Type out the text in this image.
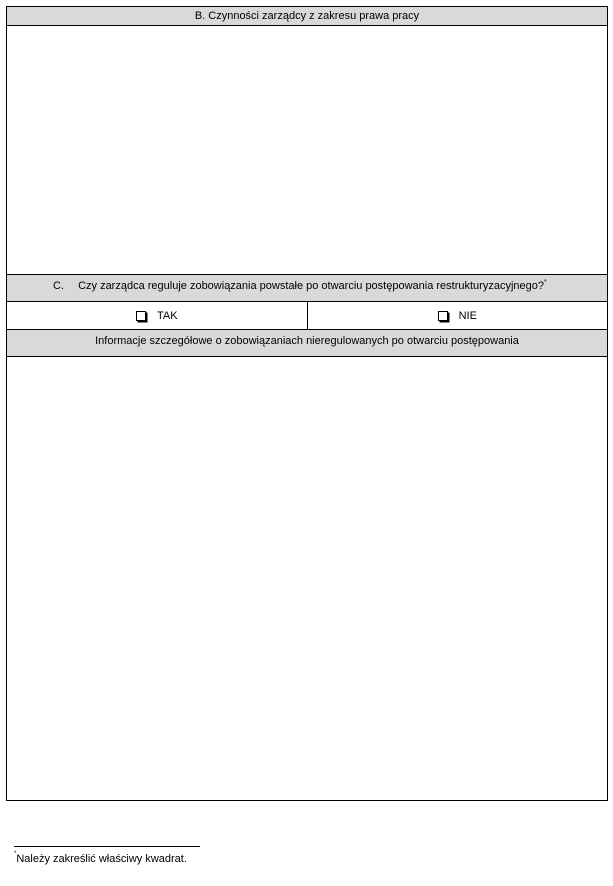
B. Czynności zarządcy z zakresu prawa pracy
C. Czy zarządca reguluje zobowiązania powstałe po otwarciu postępowania restrukturyzacyjnego?*
TAK	NIE
Informacje szczegółowe o zobowiązaniach nieregulowanych po otwarciu postępowania
*Należy zakreślić właściwy kwadrat.
